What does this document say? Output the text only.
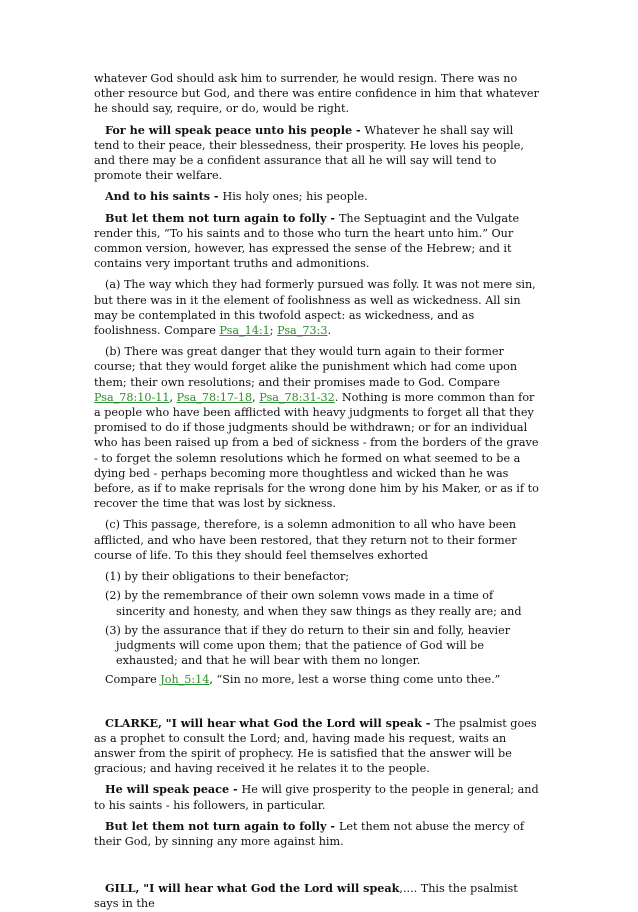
whatever God should ask him to surrender, he would resign. There was no other resource but God, and there was entire confidence in him that whatever he should say, require, or do, would be right.

For he will speak peace unto his people - Whatever he shall say will tend to their peace, their blessedness, their prosperity. He loves his people, and there may be a confident assurance that all he will say will tend to promote their welfare.

And to his saints - His holy ones; his people.

But let them not turn again to folly - The Septuagint and the Vulgate render this, “To his saints and to those who turn the heart unto him.” Our common version, however, has expressed the sense of the Hebrew; and it contains very important truths and admonitions.

(a) The way which they had formerly pursued was folly. It was not mere sin, but there was in it the element of foolishness as well as wickedness. All sin may be contemplated in this twofold aspect: as wickedness, and as foolishness. Compare Psa_14:1; Psa_73:3.

(b) There was great danger that they would turn again to their former course; that they would forget alike the punishment which had come upon them; their own resolutions; and their promises made to God. Compare Psa_78:10-11, Psa_78:17-18, Psa_78:31-32. Nothing is more common than for a people who have been afflicted with heavy judgments to forget all that they promised to do if those judgments should be withdrawn; or for an individual who has been raised up from a bed of sickness - from the borders of the grave - to forget the solemn resolutions which he formed on what seemed to be a dying bed - perhaps becoming more thoughtless and wicked than he was before, as if to make reprisals for the wrong done him by his Maker, or as if to recover the time that was lost by sickness.

(c) This passage, therefore, is a solemn admonition to all who have been afflicted, and who have been restored, that they return not to their former course of life. To this they should feel themselves exhorted

(1) by their obligations to their benefactor;
(2) by the remembrance of their own solemn vows made in a time of sincerity and honesty, and when they saw things as they really are; and
(3) by the assurance that if they do return to their sin and folly, heavier judgments will come upon them; that the patience of God will be exhausted; and that he will bear with them no longer.
Compare Joh_5:14, “Sin no more, lest a worse thing come unto thee.”

CLARKE, "I will hear what God the Lord will speak - The psalmist goes as a prophet to consult the Lord; and, having made his request, waits an answer from the spirit of prophecy. He is satisfied that the answer will be gracious; and having received it he relates it to the people.

He will speak peace - He will give prosperity to the people in general; and to his saints - his followers, in particular.

But let them not turn again to folly - Let them not abuse the mercy of their God, by sinning any more against him.

GILL, "I will hear what God the Lord will speak,.... This the psalmist says in the
